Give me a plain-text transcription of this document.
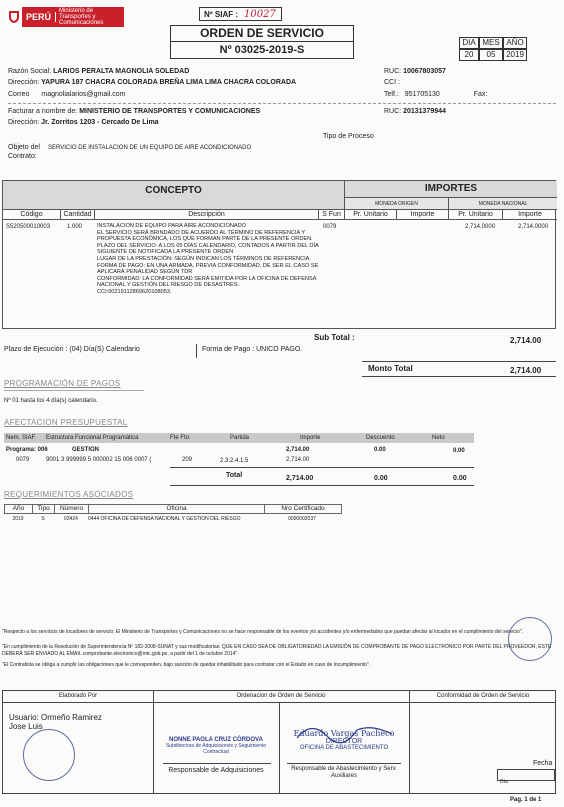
PERÚ
Ministerio de Transportes y Comunicaciones
Nº SIAF : 10027
ORDEN DE SERVICIO
Nº 03025-2019-S
DIA MES AÑO
20	05	2019
Razón Social: LARIOS PERALTA MAGNOLIA SOLEDAD
Dirección: YAPURA 187 CHACRA COLORADA BREÑA LIMA LIMA CHACRA COLORADA
Correo magnolialarios@gmail.com
RUC: 10067803057
CCI :
Telf.: 951705130	Fax:
Facturar a nombre de: MINISTERIO DE TRANSPORTES Y COMUNICACIONES
Dirección: Jr. Zorritos 1203 - Cercado De Lima
RUC: 20131379944
Tipo de Proceso
Objeto del Contrato:
SERVICIO DE INSTALACION DE UN EQUIPO DE AIRE ACONDICIONADO
CONCEPTO	IMPORTES
MONEDA ORIGEN	MONEDA NACIONAL
Código	Cantidad	Descripción	S Fun	Pr. Unitario	Importe	Pr. Unitario	Importe
S520500010003	1.000	INSTALACION DE EQUIPO PARA AIRE ACONDICIONADO
EL SERVICIO SERÁ BRINDADO DE ACUERDO AL TÉRMINO DE REFERENCIA Y PROPUESTA ECONÓMICA, LOS QUE FORMAN PARTE DE LA PRESENTE ORDEN.
PLAZO DEL SERVICIO: A LOS 05 DÍAS CALENDARIO, CONTADOS A PARTIR DEL DÍA SIGUIENTE DE NOTIFICADA LA PRESENTE ORDEN
LUGAR DE LA PRESTACIÓN: SEGÚN INDICAN LOS TÉRMINOS DE REFERENCIA.
FORMA DE PAGO: EN UNA ARMADA, PREVIA CONFORMIDAD. DE SER EL CASO SE APLICARÁ PENALIDAD SEGÚN TDR
CONFORMIDAD: LA CONFORMIDAD SERÁ EMITIDA POR LA OFICINA DE DEFENSA NACIONAL Y GESTIÓN DEL RIESGO DE DESASTRES.
CCI:00219112869620108053.
0079	2,714.0000	2,714.0000
Sub Total :	2,714.00
Plazo de Ejecución : (04) Día(S) Calendario	Forma de Pago : UNICO PAGO.
Monto Total	2,714.00
PROGRAMACIÓN DE PAGOS
Nº 01 hasta los 4 día(s) calendario.
AFECTACION PRESUPUESTAL
Nem. SIAF	Estructura Funcional Programática	Fte Fto.	Partida	Importe	Descuento	Neto
Programa: 006	GESTION	2,714.00	0.00	0.00
0079	9001 3 999999 5 000002 15 006 0007 (	209	2.3.2.4.1.5	2,714.00
Total	2,714.00	0.00	0.00
REQUERIMIENTOS ASOCIADOS
Año	Tipo	Número	Oficina	Nro Certificado
2019	S	03424	0444 OFICINA DE DEFENSA NACIONAL Y GESTION DEL RIESGO	0000002037
"Respecto a los servicios de locadores de servicio: El Ministerio de Transportes y Comunicaciones no se hace responsable de los eventos y/o accidentes y/o enfermedades que puedan afectar al locador en el cumplimiento del servicio".
"En cumplimiento de la Resolución de Superintendencia Nº 182-2008-SUNAT y sus modificatorias: QUE EN CASO SEA DE OBLIGATORIEDAD LA EMISIÓN DE COMPROBANTE DE PAGO ELECTRÓNICO POR PARTE DEL PROVEEDOR, ESTE DEBERÁ SER ENVIADO AL EMAIL comprobante.electronico@mtc.gob.pe, a partir del 1 de octubre 2014".
"El Contratista se obliga a cumplir las obligaciones que le corresponden, bajo sanción de quedar inhabilitado para contratar con el Estado en caso de incumplimiento".
Elaborado Por	Ordenacion de Orden de Servicio	Conformidad de Orden de Servicio
Usuario: Ormeño Ramirez Jose Luis
NONNE PAOLA CRUZ CÓRDOVA
Subdirectora de Adquisiciones y Seguimiento Contractual
Responsable de Adquisiciones
Eduardo Vargas Pacheco
DIRECTOR
OFICINA DE ABASTECIMIENTO
Responsable de Abastecimiento y Serv. Auxiliares
Fecha
Día
Pag. 1 de 1
